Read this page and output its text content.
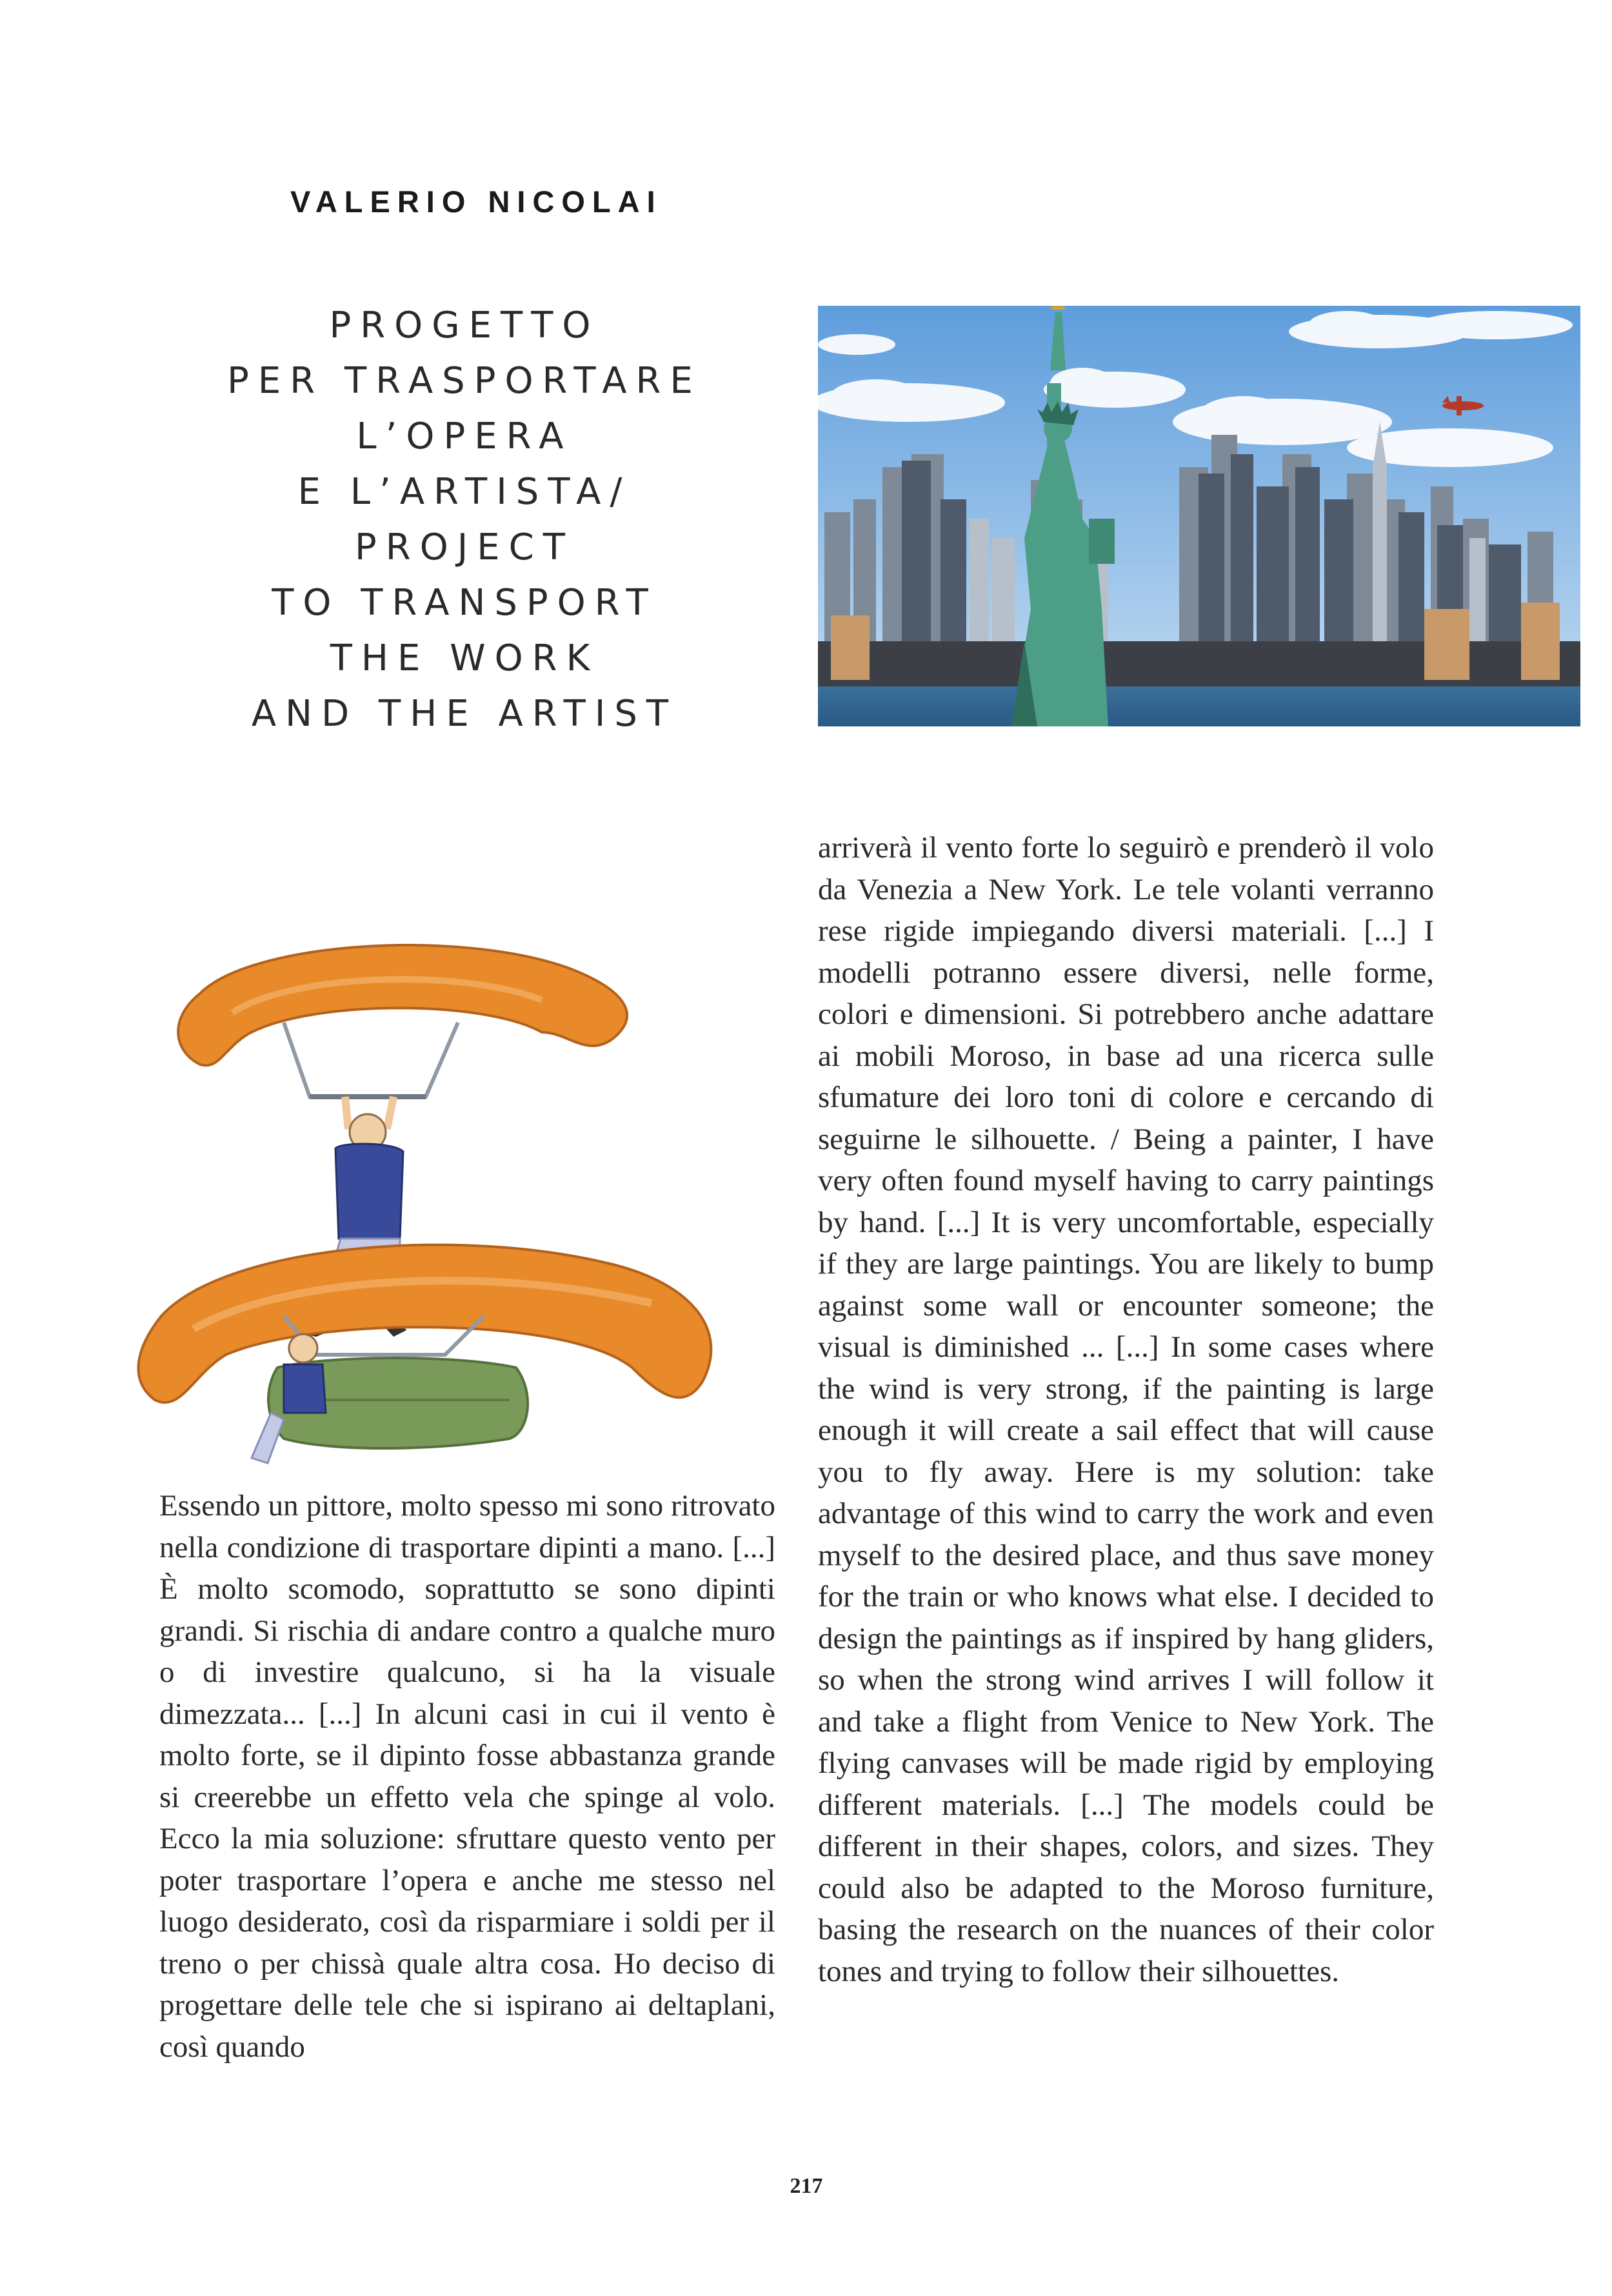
VALERIO NICOLAI
PROGETTO
PER TRASPORTARE
L’OPERA
E L’ARTISTA/
PROJECT
TO TRANSPORT
THE WORK
AND THE ARTIST

Essendo un pittore, molto spesso mi sono ritrovato nella condizione di trasportare dipinti a mano. [...] È molto scomodo, soprattutto se sono dipinti grandi. Si rischia di andare contro a qualche muro o di investire qualcuno, si ha la visuale dimezzata... [...] In alcuni casi in cui il vento è molto forte, se il dipinto fosse abbastanza grande si creerebbe un effetto vela che spinge al volo. Ecco la mia soluzione: sfruttare questo vento per poter trasportare l’opera e anche me stesso nel luogo desiderato, così da risparmiare i soldi per il treno o per chissà quale altra cosa. Ho deciso di progettare delle tele che si ispirano ai deltaplani, così quando

arriverà il vento forte lo seguirò e prenderò il volo da Venezia a New York. Le tele volanti verranno rese rigide impiegando diversi materiali. [...] I modelli potranno essere diversi, nelle forme, colori e dimensioni. Si potrebbero anche adattare ai mobili Moroso, in base ad una ricerca sulle sfumature dei loro toni di colore e cercando di seguirne le silhouette. / Being a painter, I have very often found myself having to carry paintings by hand. [...] It is very uncomfortable, especially if they are large paintings. You are likely to bump against some wall or encounter someone; the visual is diminished ... [...] In some cases where the wind is very strong, if the painting is large enough it will create a sail effect that will cause you to fly away. Here is my solution: take advantage of this wind to carry the work and even myself to the desired place, and thus save money for the train or who knows what else. I decided to design the paintings as if inspired by hang gliders, so when the strong wind arrives I will follow it and take a flight from Venice to New York. The flying canvases will be made rigid by employing different materials. [...] The models could be different in their shapes, colors, and sizes. They could also be adapted to the Moroso furniture, basing the research on the nuances of their color tones and trying to follow their silhouettes.

217
